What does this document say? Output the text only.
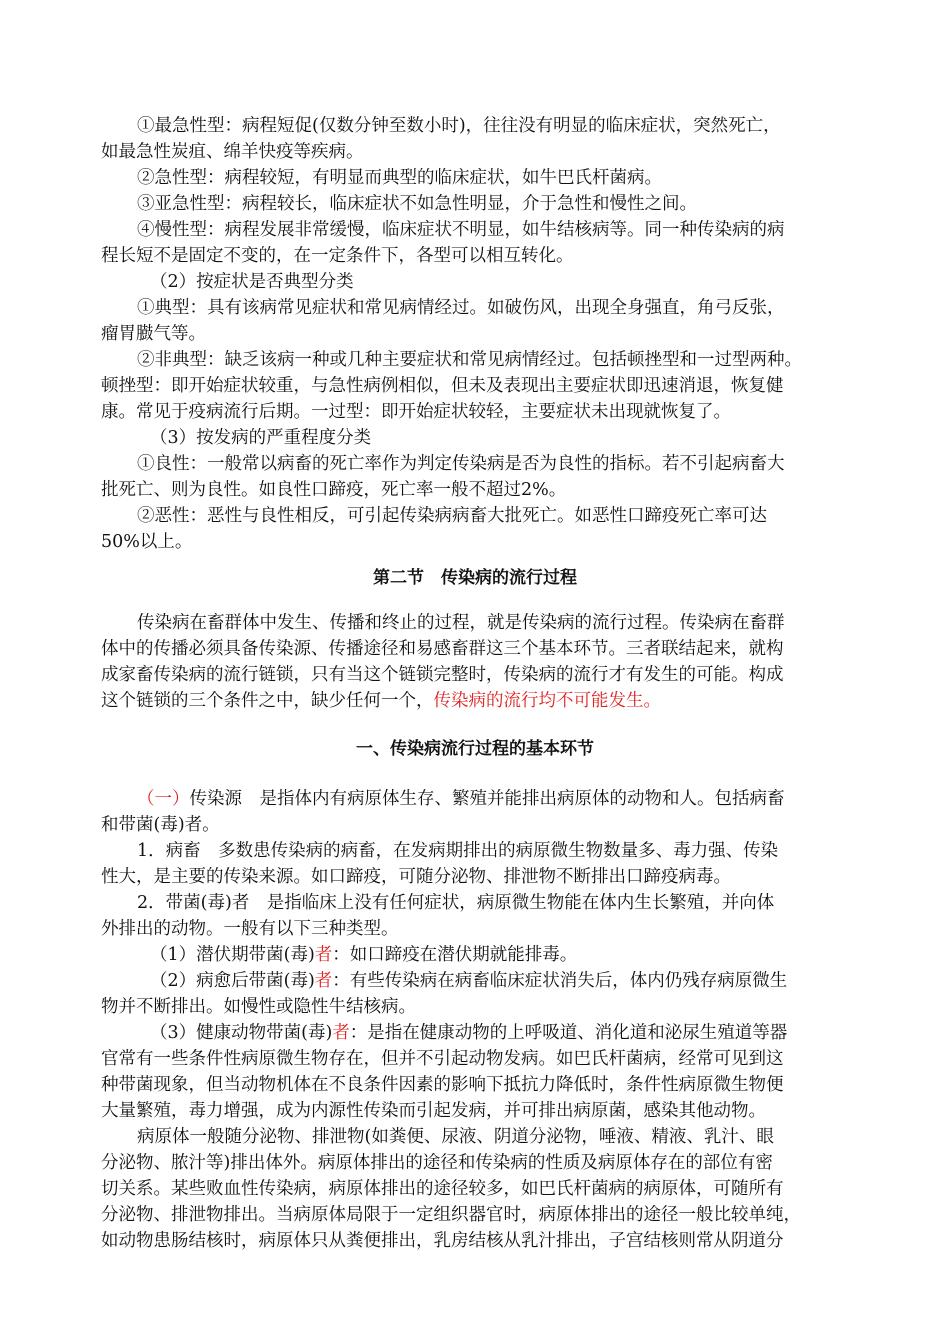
①最急性型：病程短促(仅数分钟至数小时)，往往没有明显的临床症状，突然死亡，
如最急性炭疽、绵羊快疫等疾病。
②急性型：病程较短，有明显而典型的临床症状，如牛巴氏杆菌病。
③亚急性型：病程较长，临床症状不如急性明显，介于急性和慢性之间。
④慢性型：病程发展非常缓慢，临床症状不明显，如牛结核病等。同一种传染病的病
程长短不是固定不变的，在一定条件下，各型可以相互转化。
（2）按症状是否典型分类
①典型：具有该病常见症状和常见病情经过。如破伤风，出现全身强直，角弓反张，
瘤胃臌气等。
②非典型：缺乏该病一种或几种主要症状和常见病情经过。包括顿挫型和一过型两种。
顿挫型：即开始症状较重，与急性病例相似，但未及表现出主要症状即迅速消退，恢复健
康。常见于疫病流行后期。一过型：即开始症状较轻，主要症状未出现就恢复了。
（3）按发病的严重程度分类
①良性：一般常以病畜的死亡率作为判定传染病是否为良性的指标。若不引起病畜大
批死亡、则为良性。如良性口蹄疫，死亡率一般不超过2%。
②恶性：恶性与良性相反，可引起传染病病畜大批死亡。如恶性口蹄疫死亡率可达
50%以上。
第二节　传染病的流行过程
传染病在畜群体中发生、传播和终止的过程，就是传染病的流行过程。传染病在畜群
体中的传播必须具备传染源、传播途径和易感畜群这三个基本环节。三者联结起来，就构
成家畜传染病的流行链锁，只有当这个链锁完整时，传染病的流行才有发生的可能。构成
这个链锁的三个条件之中，缺少任何一个，传染病的流行均不可能发生。
一、传染病流行过程的基本环节
（一）传染源　是指体内有病原体生存、繁殖并能排出病原体的动物和人。包括病畜
和带菌(毒)者。
1．病畜　多数患传染病的病畜，在发病期排出的病原微生物数量多、毒力强、传染
性大，是主要的传染来源。如口蹄疫，可随分泌物、排泄物不断排出口蹄疫病毒。
2．带菌(毒)者　是指临床上没有任何症状，病原微生物能在体内生长繁殖，并向体
外排出的动物。一般有以下三种类型。
（1）潜伏期带菌(毒)者：如口蹄疫在潜伏期就能排毒。
（2）病愈后带菌(毒)者：有些传染病在病畜临床症状消失后，体内仍残存病原微生
物并不断排出。如慢性或隐性牛结核病。
（3）健康动物带菌(毒)者：是指在健康动物的上呼吸道、消化道和泌尿生殖道等器
官常有一些条件性病原微生物存在，但并不引起动物发病。如巴氏杆菌病，经常可见到这
种带菌现象，但当动物机体在不良条件因素的影响下抵抗力降低时，条件性病原微生物便
大量繁殖，毒力增强，成为内源性传染而引起发病，并可排出病原菌，感染其他动物。
病原体一般随分泌物、排泄物(如粪便、尿液、阴道分泌物，唾液、精液、乳汁、眼
分泌物、脓汁等)排出体外。病原体排出的途径和传染病的性质及病原体存在的部位有密
切关系。某些败血性传染病，病原体排出的途径较多，如巴氏杆菌病的病原体，可随所有
分泌物、排泄物排出。当病原体局限于一定组织器官时，病原体排出的途径一般比较单纯，
如动物患肠结核时，病原体只从粪便排出，乳房结核从乳汁排出，子宫结核则常从阴道分
